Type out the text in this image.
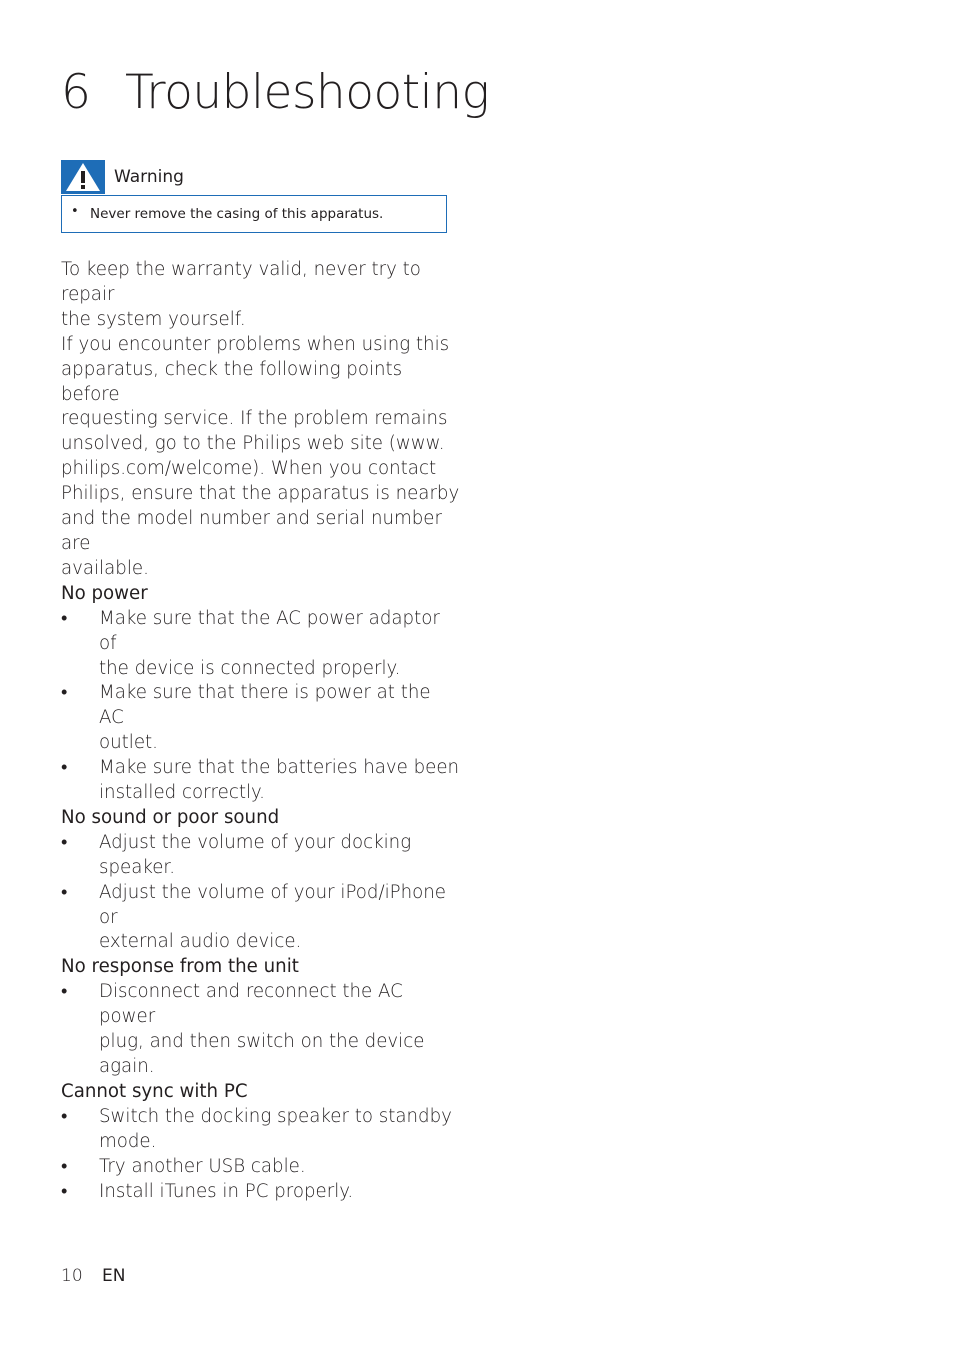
6 Troubleshooting
Warning
• Never remove the casing of this apparatus.

To keep the warranty valid, never try to repair
the system yourself.

If you encounter problems when using this
apparatus, check the following points before
requesting service. If the problem remains
unsolved, go to the Philips web site (www.
philips.com/welcome). When you contact
Philips, ensure that the apparatus is nearby
and the model number and serial number are
available.

No power

• Make sure that the AC power adaptor of
the device is connected properly.
• Make sure that there is power at the AC
outlet.
• Make sure that the batteries have been
installed correctly.

No sound or poor sound

• Adjust the volume of your docking speaker.
• Adjust the volume of your iPod/iPhone or
external audio device.

No response from the unit

• Disconnect and reconnect the AC power
plug, and then switch on the device again.

Cannot sync with PC

• Switch the docking speaker to standby
mode.
• Try another USB cable.
• Install iTunes in PC properly.
10 EN
